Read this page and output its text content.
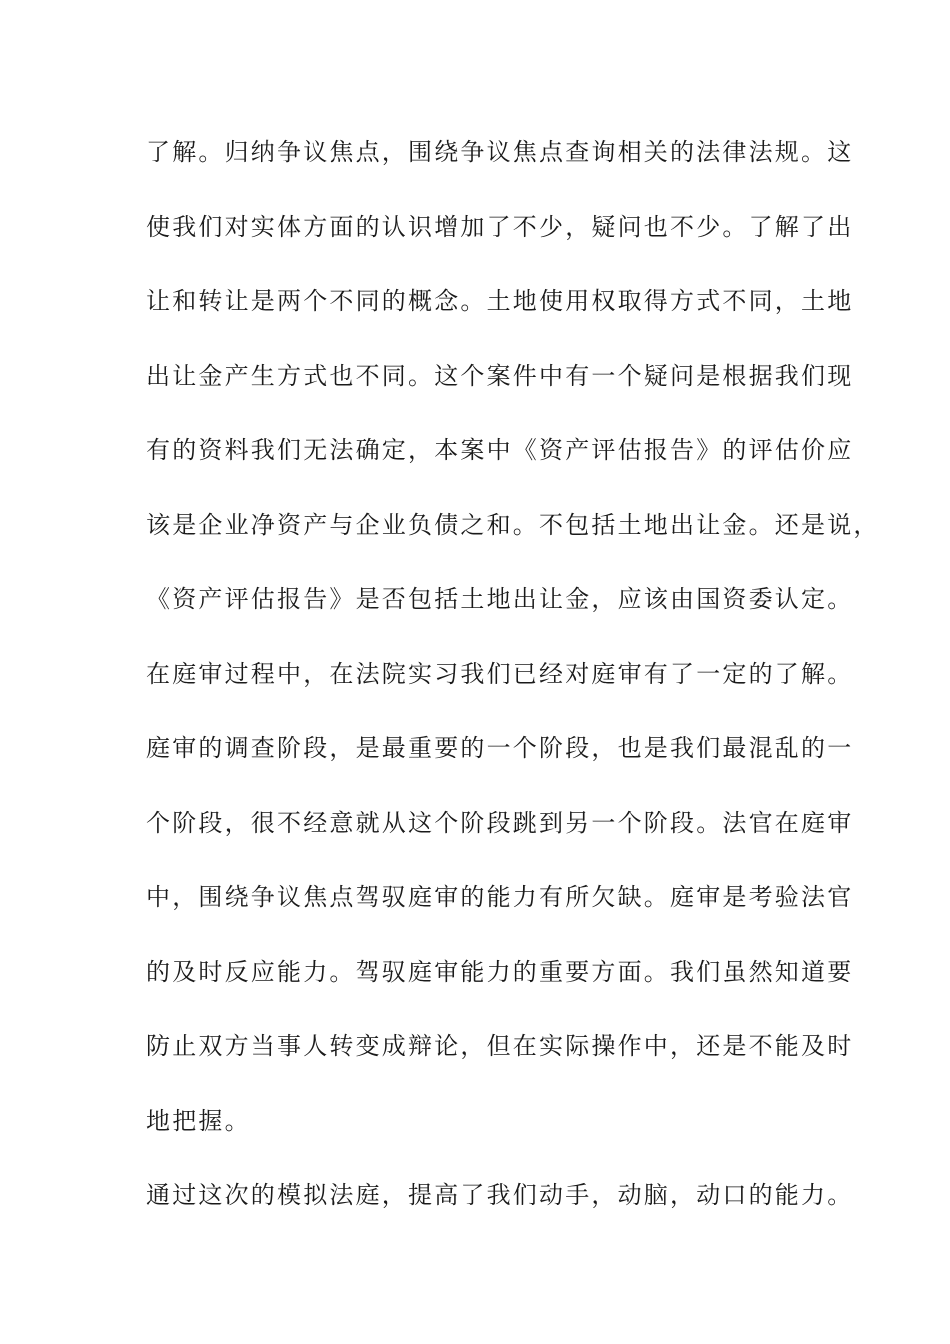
了解。归纳争议焦点，围绕争议焦点查询相关的法律法规。这
使我们对实体方面的认识增加了不少，疑问也不少。了解了出
让和转让是两个不同的概念。土地使用权取得方式不同，土地
出让金产生方式也不同。这个案件中有一个疑问是根据我们现
有的资料我们无法确定，本案中《资产评估报告》的评估价应
该是企业净资产与企业负债之和。不包括土地出让金。还是说，
《资产评估报告》是否包括土地出让金，应该由国资委认定。
在庭审过程中，在法院实习我们已经对庭审有了一定的了解。
庭审的调查阶段，是最重要的一个阶段，也是我们最混乱的一
个阶段，很不经意就从这个阶段跳到另一个阶段。法官在庭审
中，围绕争议焦点驾驭庭审的能力有所欠缺。庭审是考验法官
的及时反应能力。驾驭庭审能力的重要方面。我们虽然知道要
防止双方当事人转变成辩论，但在实际操作中，还是不能及时
地把握。
通过这次的模拟法庭，提高了我们动手，动脑，动口的能力。
